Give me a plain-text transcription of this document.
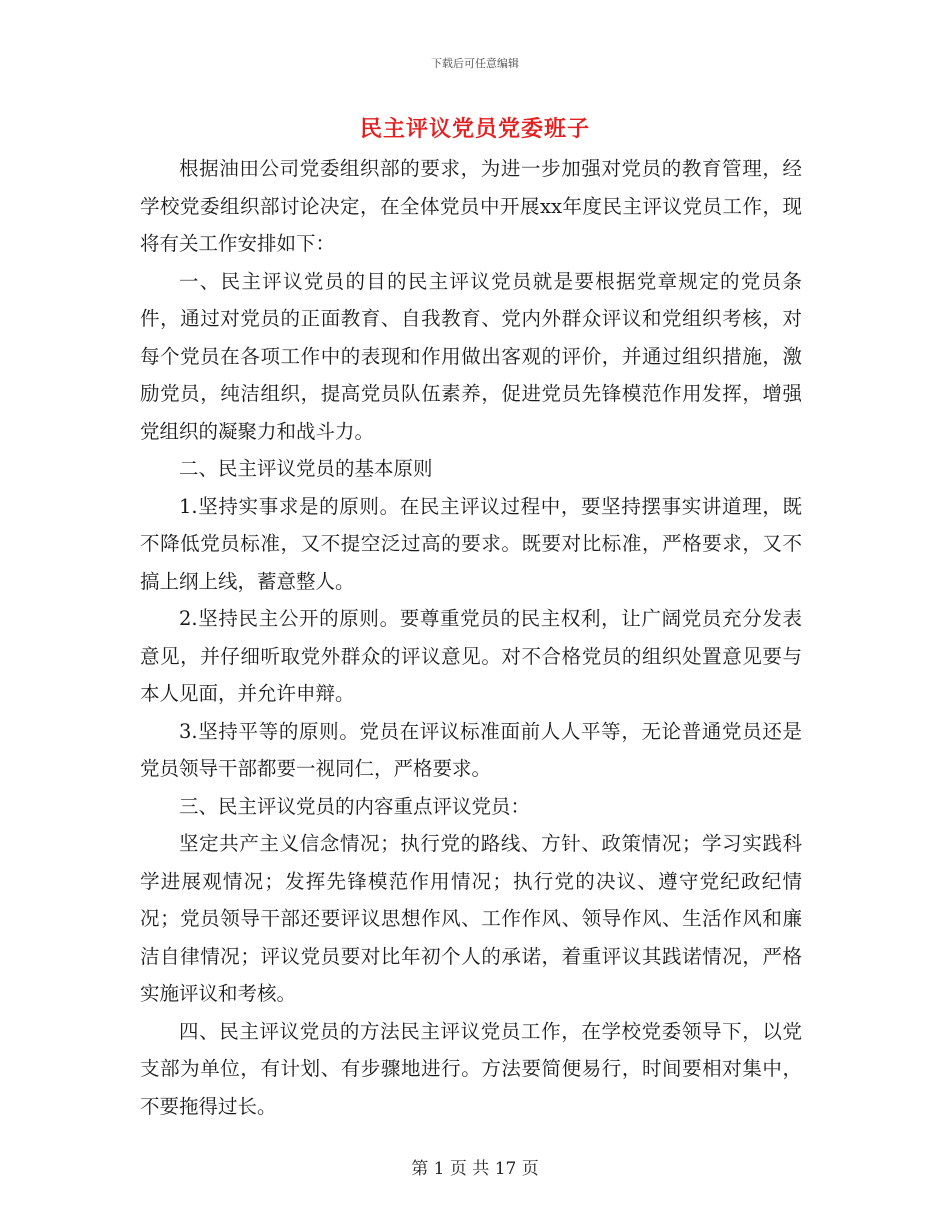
下载后可任意编辑
民主评议党员党委班子

根据油田公司党委组织部的要求，为进一步加强对党员的教育管理，经学校党委组织部讨论决定，在全体党员中开展xx年度民主评议党员工作，现将有关工作安排如下：

一、民主评议党员的目的民主评议党员就是要根据党章规定的党员条件，通过对党员的正面教育、自我教育、党内外群众评议和党组织考核，对每个党员在各项工作中的表现和作用做出客观的评价，并通过组织措施，激励党员，纯洁组织，提高党员队伍素养，促进党员先锋模范作用发挥，增强党组织的凝聚力和战斗力。

二、民主评议党员的基本原则

1.坚持实事求是的原则。在民主评议过程中，要坚持摆事实讲道理，既不降低党员标准，又不提空泛过高的要求。既要对比标准，严格要求，又不搞上纲上线，蓄意整人。

2.坚持民主公开的原则。要尊重党员的民主权利，让广阔党员充分发表意见，并仔细听取党外群众的评议意见。对不合格党员的组织处置意见要与本人见面，并允许申辩。

3.坚持平等的原则。党员在评议标准面前人人平等，无论普通党员还是党员领导干部都要一视同仁，严格要求。

三、民主评议党员的内容重点评议党员：

坚定共产主义信念情况；执行党的路线、方针、政策情况；学习实践科学进展观情况；发挥先锋模范作用情况；执行党的决议、遵守党纪政纪情况；党员领导干部还要评议思想作风、工作作风、领导作风、生活作风和廉洁自律情况；评议党员要对比年初个人的承诺，着重评议其践诺情况，严格实施评议和考核。

四、民主评议党员的方法民主评议党员工作，在学校党委领导下，以党支部为单位，有计划、有步骤地进行。方法要简便易行，时间要相对集中，不要拖得过长。

第 1 页 共 17 页
